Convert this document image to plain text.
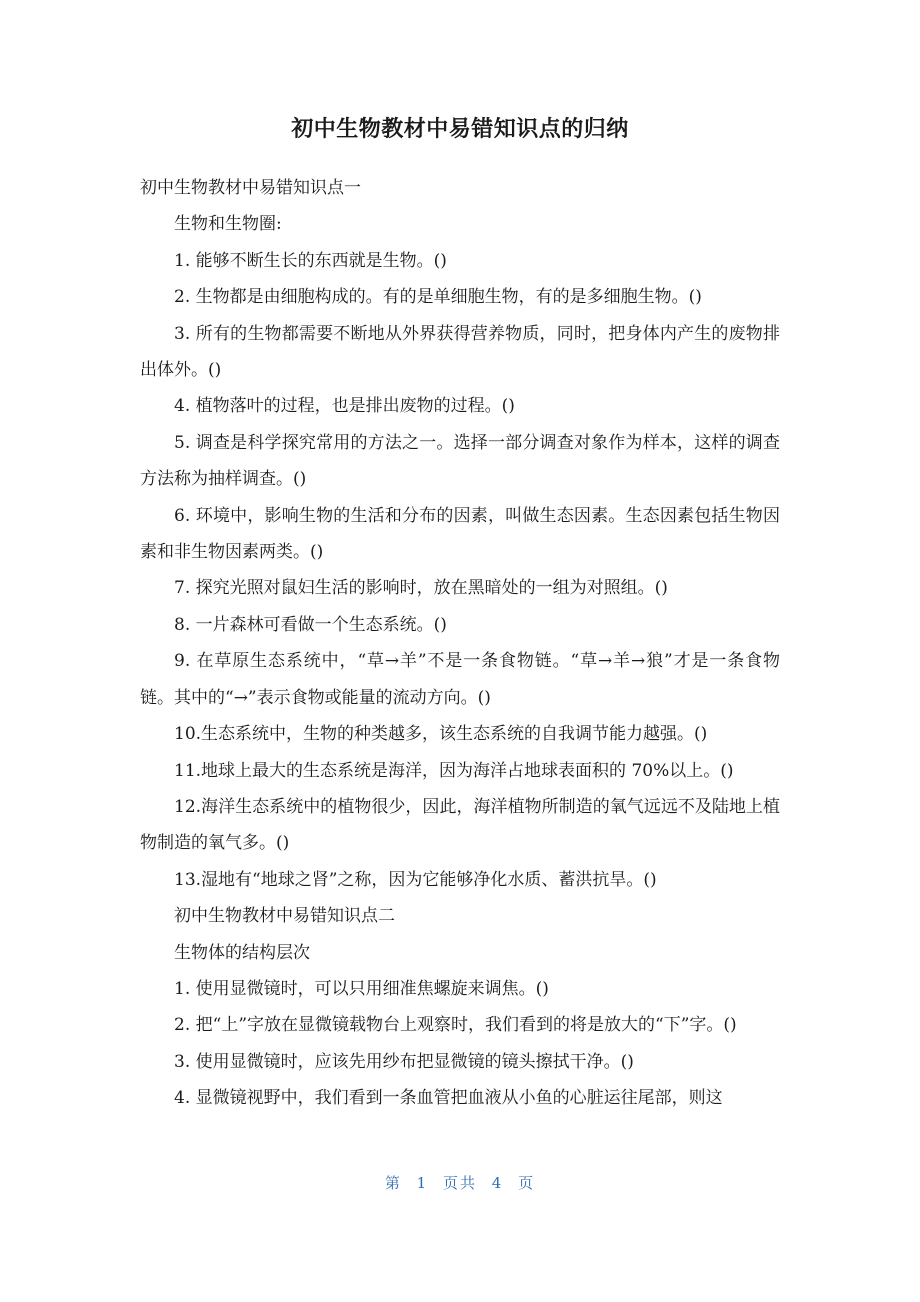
初中生物教材中易错知识点的归纳

初中生物教材中易错知识点一

生物和生物圈:

1. 能够不断生长的东西就是生物。()

2. 生物都是由细胞构成的。有的是单细胞生物，有的是多细胞生物。()

3. 所有的生物都需要不断地从外界获得营养物质，同时，把身体内产生的废物排出体外。()

4. 植物落叶的过程，也是排出废物的过程。()

5. 调查是科学探究常用的方法之一。选择一部分调查对象作为样本，这样的调查方法称为抽样调查。()

6. 环境中，影响生物的生活和分布的因素，叫做生态因素。生态因素包括生物因素和非生物因素两类。()

7. 探究光照对鼠妇生活的影响时，放在黑暗处的一组为对照组。()

8. 一片森林可看做一个生态系统。()

9. 在草原生态系统中，“草→羊”不是一条食物链。“草→羊→狼”才是一条食物链。其中的“→”表示食物或能量的流动方向。()

10.生态系统中，生物的种类越多，该生态系统的自我调节能力越强。()

11.地球上最大的生态系统是海洋，因为海洋占地球表面积的 70%以上。()

12.海洋生态系统中的植物很少，因此，海洋植物所制造的氧气远远不及陆地上植物制造的氧气多。()

13.湿地有“地球之肾”之称，因为它能够净化水质、蓄洪抗旱。()

初中生物教材中易错知识点二

生物体的结构层次

1. 使用显微镜时，可以只用细准焦螺旋来调焦。()

2. 把“上”字放在显微镜载物台上观察时，我们看到的将是放大的“下”字。()

3. 使用显微镜时，应该先用纱布把显微镜的镜头擦拭干净。()

4. 显微镜视野中，我们看到一条血管把血液从小鱼的心脏运往尾部，则这

第 1 页共 4 页
